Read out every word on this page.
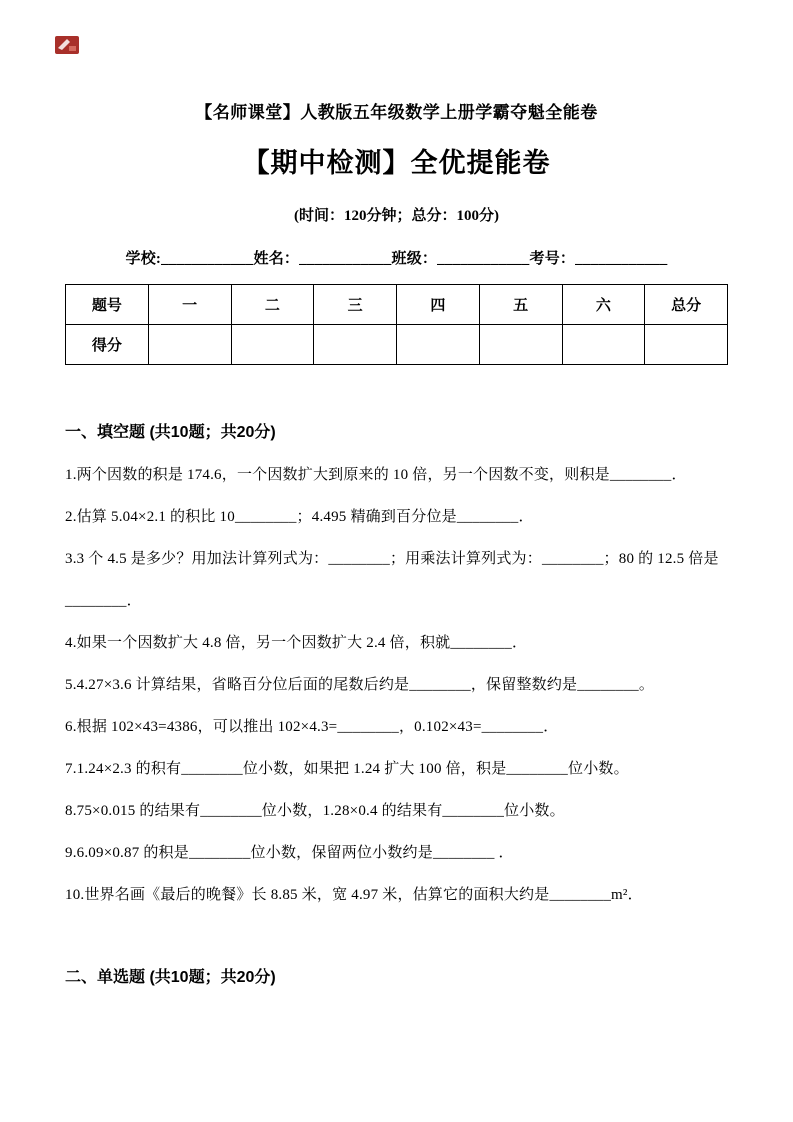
【名师课堂】人教版五年级数学上册学霸夺魁全能卷
【期中检测】全优提能卷
(时间：120分钟；总分：100分)
学校:____________姓名：____________班级：____________考号：____________
题号	一	二	三	四	五	六	总分
得分							
一、填空题 (共10题；共20分)

1.两个因数的积是 174.6，一个因数扩大到原来的 10 倍，另一个因数不变，则积是________．

2.估算 5.04×2.1 的积比 10________；4.495 精确到百分位是________．

3.3 个 4.5 是多少？用加法计算列式为：________；用乘法计算列式为：________；80 的 12.5 倍是________．

4.如果一个因数扩大 4.8 倍，另一个因数扩大 2.4 倍，积就________．

5.4.27×3.6 计算结果，省略百分位后面的尾数后约是________，保留整数约是________。

6.根据 102×43=4386，可以推出 102×4.3=________，0.102×43=________．

7.1.24×2.3 的积有________位小数，如果把 1.24 扩大 100 倍，积是________位小数。

8.75×0.015 的结果有________位小数，1.28×0.4 的结果有________位小数。

9.6.09×0.87 的积是________位小数，保留两位小数约是________ ．

10.世界名画《最后的晚餐》长 8.85 米，宽 4.97 米，估算它的面积大约是________m²．

二、单选题 (共10题；共20分)
